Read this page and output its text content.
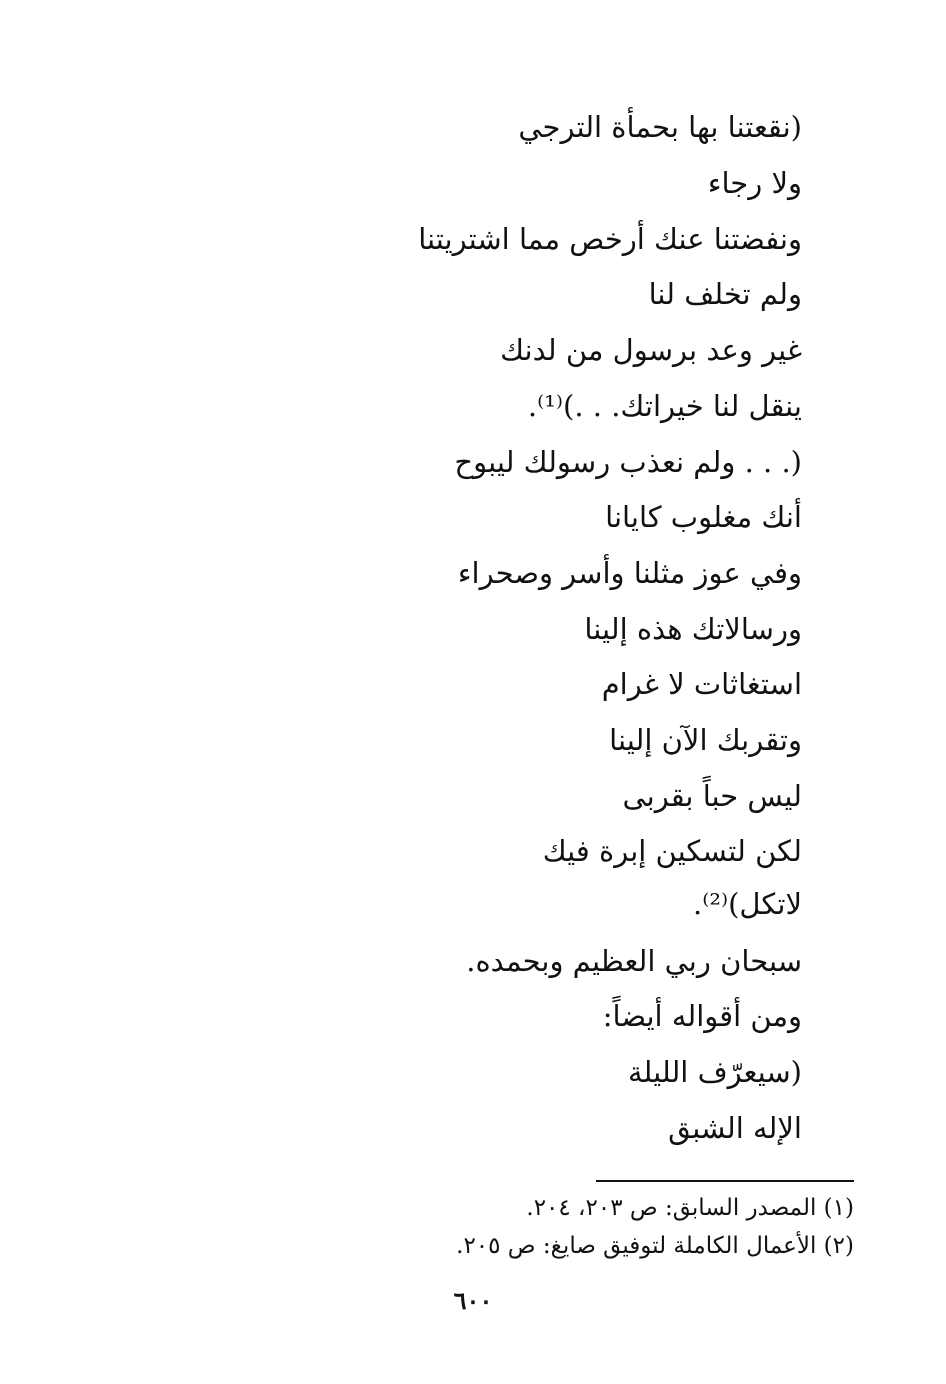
(نقعتنا بها بحمأة الترجي
ولا رجاء
ونفضتنا عنك أرخص مما اشتريتنا
ولم تخلف لنا
غير وعد برسول من لدنك
ينقل لنا خيراتك. . .)⁽¹⁾.
(. . . ولم نعذب رسولك ليبوح
أنك مغلوب كايانا
وفي عوز مثلنا وأسر وصحراء
ورسالاتك هذه إلينا
استغاثات لا غرام
وتقربك الآن إلينا
ليس حباً بقربى
لكن لتسكين إبرة فيك
لاتكل)⁽²⁾.
سبحان ربي العظيم وبحمده.
ومن أقواله أيضاً:
(سيعرّف الليلة
الإله الشبق
(١) المصدر السابق: ص ٢٠٣، ٢٠٤.
(٢) الأعمال الكاملة لتوفيق صايغ: ص ٢٠٥.
٦٠٠
